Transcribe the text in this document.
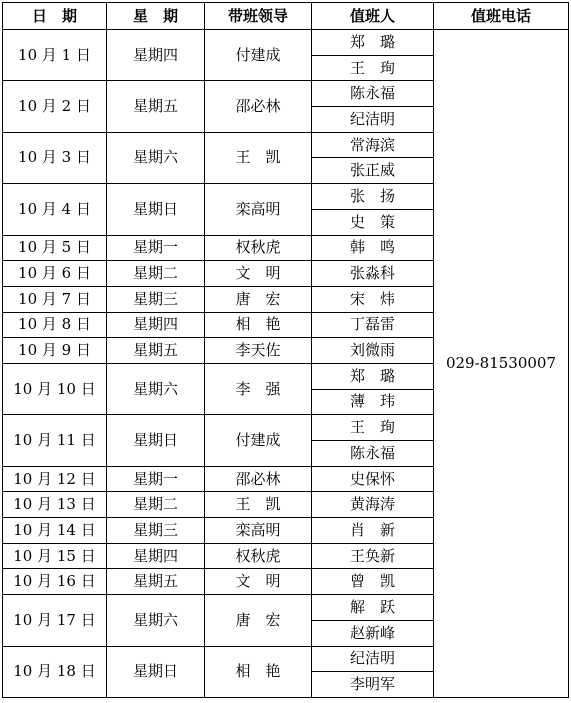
日　期	星　期	带班领导	值班人	值班电话
10 月 1 日	星期四	付建成	郑　璐	029-81530007
			王　珣	
10 月 2 日	星期五	邵必林	陈永福	
			纪洁明	
10 月 3 日	星期六	王　凯	常海滨	
			张正威	
10 月 4 日	星期日	栾高明	张　扬	
			史　策	
10 月 5 日	星期一	权秋虎	韩　鸣	
10 月 6 日	星期二	文　明	张淼科	
10 月 7 日	星期三	唐　宏	宋　炜	
10 月 8 日	星期四	相　艳	丁磊雷	
10 月 9 日	星期五	李天佐	刘微雨	
10 月 10 日	星期六	李　强	郑　璐	
			薄　玮	
10 月 11 日	星期日	付建成	王　珣	
			陈永福	
10 月 12 日	星期一	邵必林	史保怀	
10 月 13 日	星期二	王　凯	黄海涛	
10 月 14 日	星期三	栾高明	肖　新	
10 月 15 日	星期四	权秋虎	王奂新	
10 月 16 日	星期五	文　明	曾　凯	
10 月 17 日	星期六	唐　宏	解　跃	
			赵新峰	
10 月 18 日	星期日	相　艳	纪洁明	
			李明军	
